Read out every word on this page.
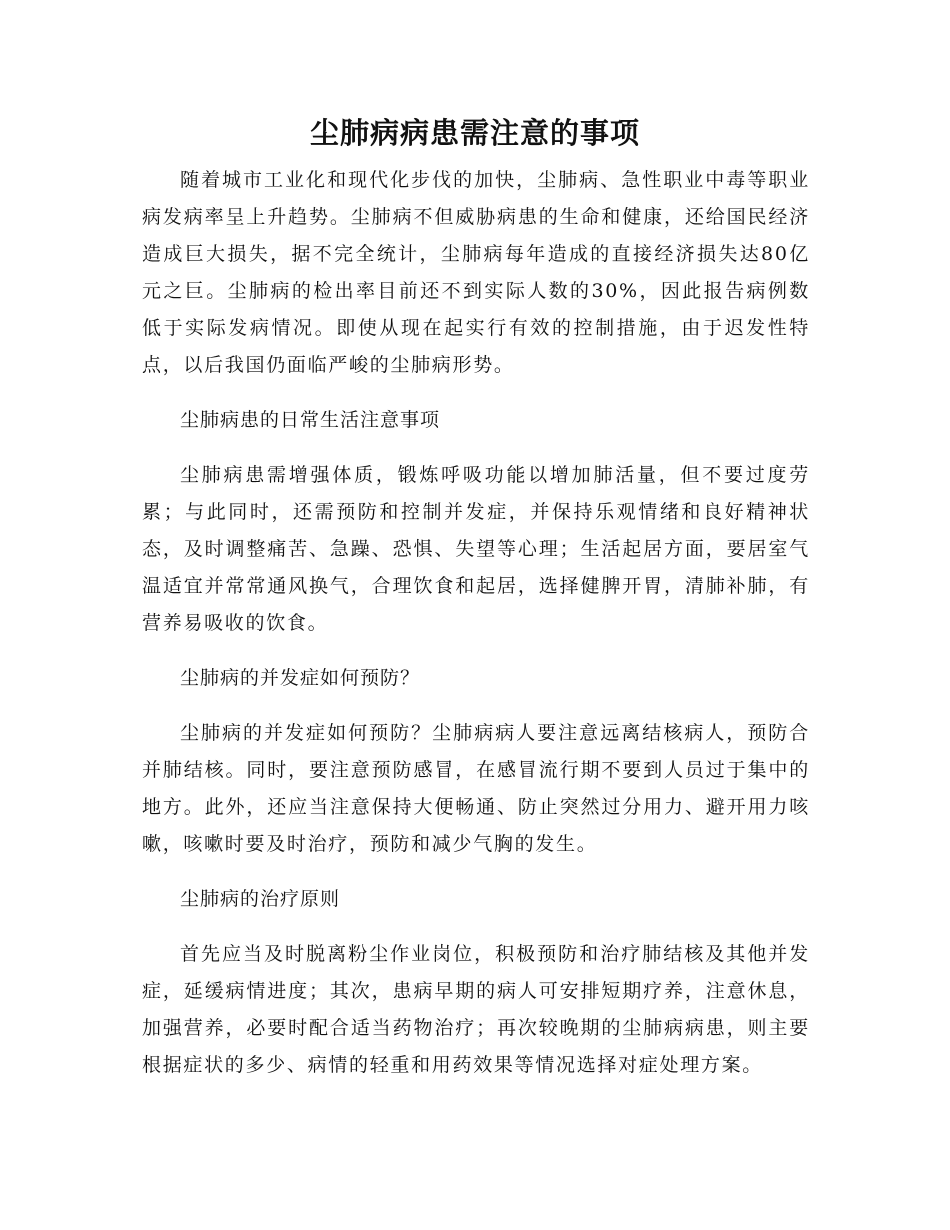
尘肺病病患需注意的事项

随着城市工业化和现代化步伐的加快，尘肺病、急性职业中毒等职业病发病率呈上升趋势。尘肺病不但威胁病患的生命和健康，还给国民经济造成巨大损失，据不完全统计，尘肺病每年造成的直接经济损失达80亿元之巨。尘肺病的检出率目前还不到实际人数的30%，因此报告病例数低于实际发病情况。即使从现在起实行有效的控制措施，由于迟发性特点，以后我国仍面临严峻的尘肺病形势。

尘肺病患的日常生活注意事项

尘肺病患需增强体质，锻炼呼吸功能以增加肺活量，但不要过度劳累；与此同时，还需预防和控制并发症，并保持乐观情绪和良好精神状态，及时调整痛苦、急躁、恐惧、失望等心理；生活起居方面，要居室气温适宜并常常通风换气，合理饮食和起居，选择健脾开胃，清肺补肺，有营养易吸收的饮食。

尘肺病的并发症如何预防？

尘肺病的并发症如何预防？尘肺病病人要注意远离结核病人，预防合并肺结核。同时，要注意预防感冒，在感冒流行期不要到人员过于集中的地方。此外，还应当注意保持大便畅通、防止突然过分用力、避开用力咳嗽，咳嗽时要及时治疗，预防和减少气胸的发生。

尘肺病的治疗原则

首先应当及时脱离粉尘作业岗位，积极预防和治疗肺结核及其他并发症，延缓病情进度；其次，患病早期的病人可安排短期疗养，注意休息，加强营养，必要时配合适当药物治疗；再次较晚期的尘肺病病患，则主要根据症状的多少、病情的轻重和用药效果等情况选择对症处理方案。
